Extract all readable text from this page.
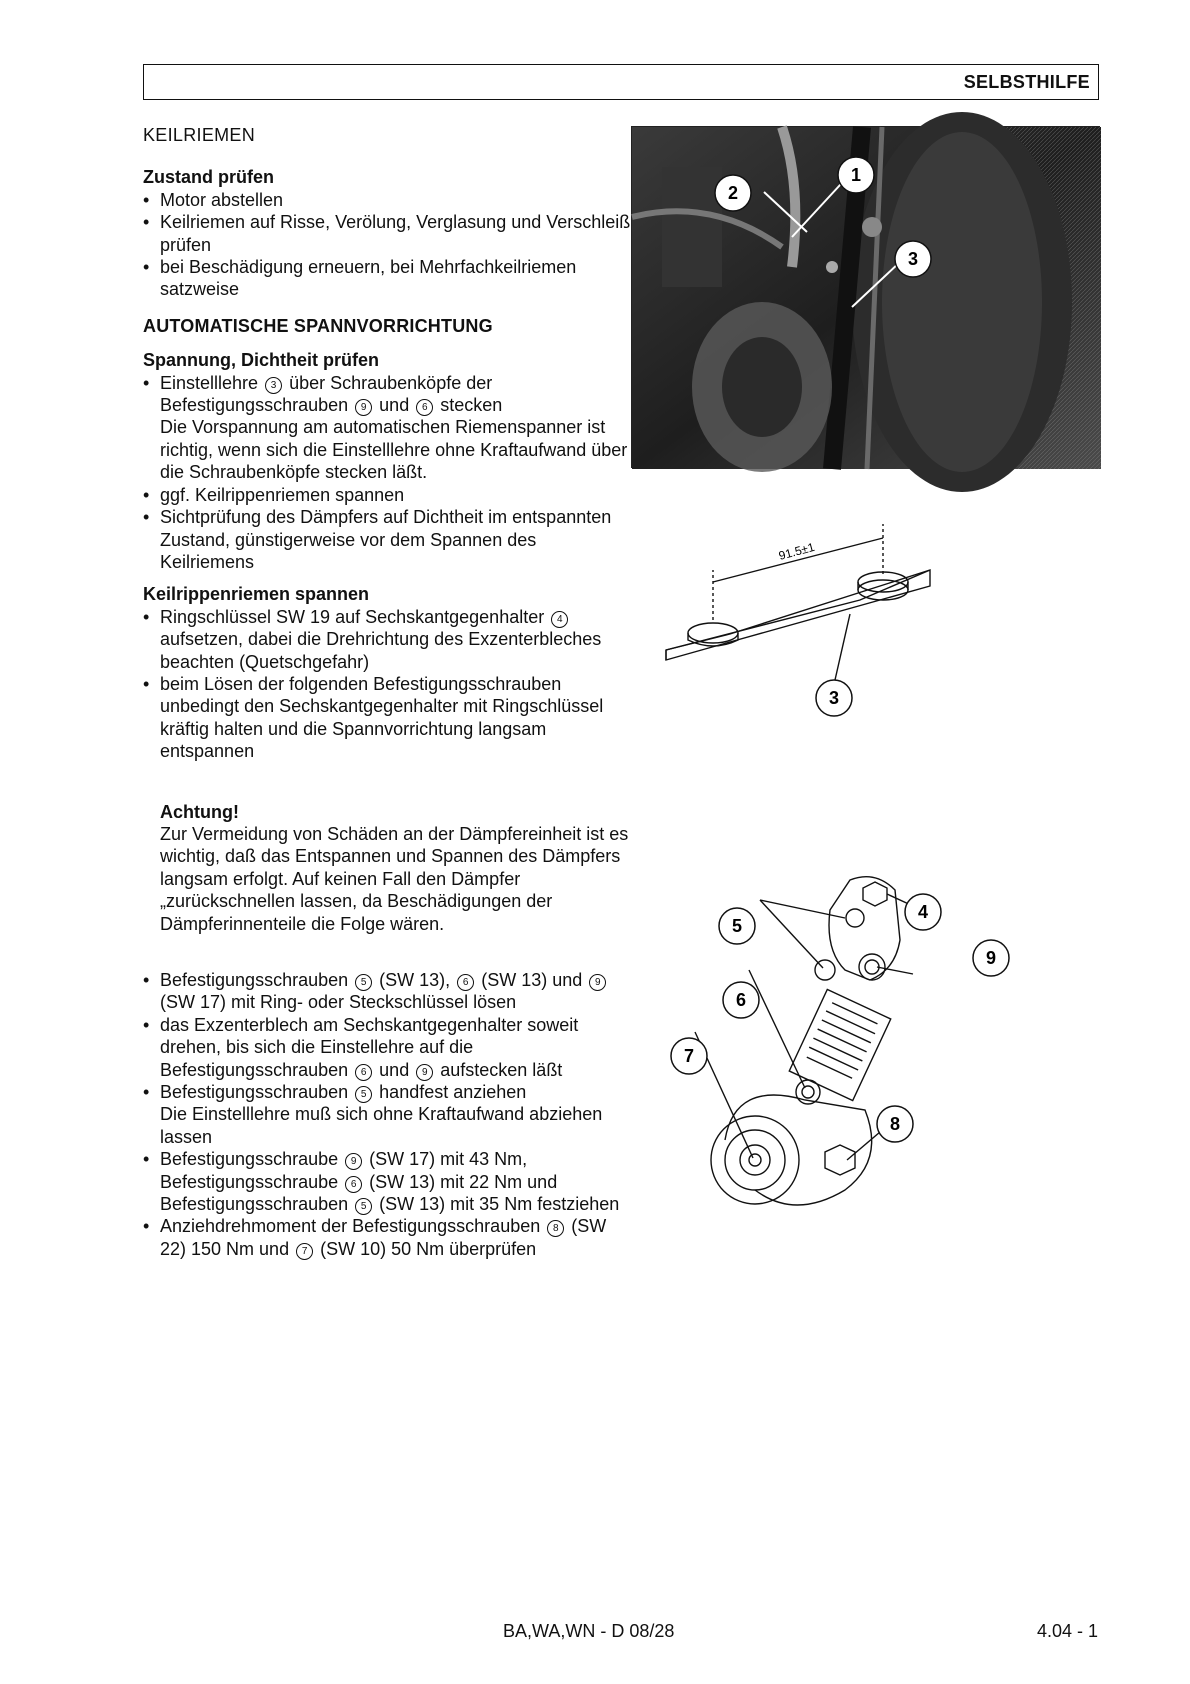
SELBSTHILFE
KEILRIEMEN
Zustand prüfen
• Motor abstellen
• Keilriemen auf Risse, Verölung, Verglasung und Verschleiß prüfen
• bei Beschädigung erneuern, bei Mehrfachkeilriemen satzweise
AUTOMATISCHE SPANNVORRICHTUNG
Spannung, Dichtheit prüfen
• Einstelllehre 3 über Schraubenköpfe der Befestigungsschrauben 9 und 6 stecken
Die Vorspannung am automatischen Riemenspanner ist richtig, wenn sich die Einstelllehre ohne Kraftaufwand über die Schraubenköpfe stecken läßt.
• ggf. Keilrippenriemen spannen
• Sichtprüfung des Dämpfers auf Dichtheit im entspannten Zustand, günstigerweise vor dem Spannen des Keilriemens
Keilrippenriemen spannen
• Ringschlüssel SW 19 auf Sechskantgegenhalter 4 aufsetzen, dabei die Drehrichtung des Exzenterbleches beachten (Quetschgefahr)
• beim Lösen der folgenden Befestigungsschrauben unbedingt den Sechskantgegenhalter mit Ringschlüssel kräftig halten und die Spannvorrichtung langsam entspannen
Achtung!
Zur Vermeidung von Schäden an der Dämpfereinheit ist es wichtig, daß das Entspannen und Spannen des Dämpfers langsam erfolgt. Auf keinen Fall den Dämpfer „zurückschnellen lassen, da Beschädigungen der Dämpferinnenteile die Folge wären.
• Befestigungsschrauben 5 (SW 13), 6 (SW 13) und 9 (SW 17) mit Ring- oder Steckschlüssel lösen
• das Exzenterblech am Sechskantgegenhalter soweit drehen, bis sich die Einstellehre auf die Befestigungsschrauben 6 und 9 aufstecken läßt
• Befestigungsschrauben 5 handfest anziehen
Die Einstelllehre muß sich ohne Kraftaufwand abziehen lassen
• Befestigungsschraube 9 (SW 17) mit 43 Nm, Befestigungsschraube 6 (SW 13) mit 22 Nm und Befestigungsschrauben 5 (SW 13) mit 35 Nm festziehen
• Anziehdrehmoment der Befestigungsschrauben 8 (SW 22) 150 Nm und 7 (SW 10) 50 Nm überprüfen
1
2
3
91.5±1
3
4
5
6
7
8
9
BA,WA,WN - D 08/28	4.04 - 1
